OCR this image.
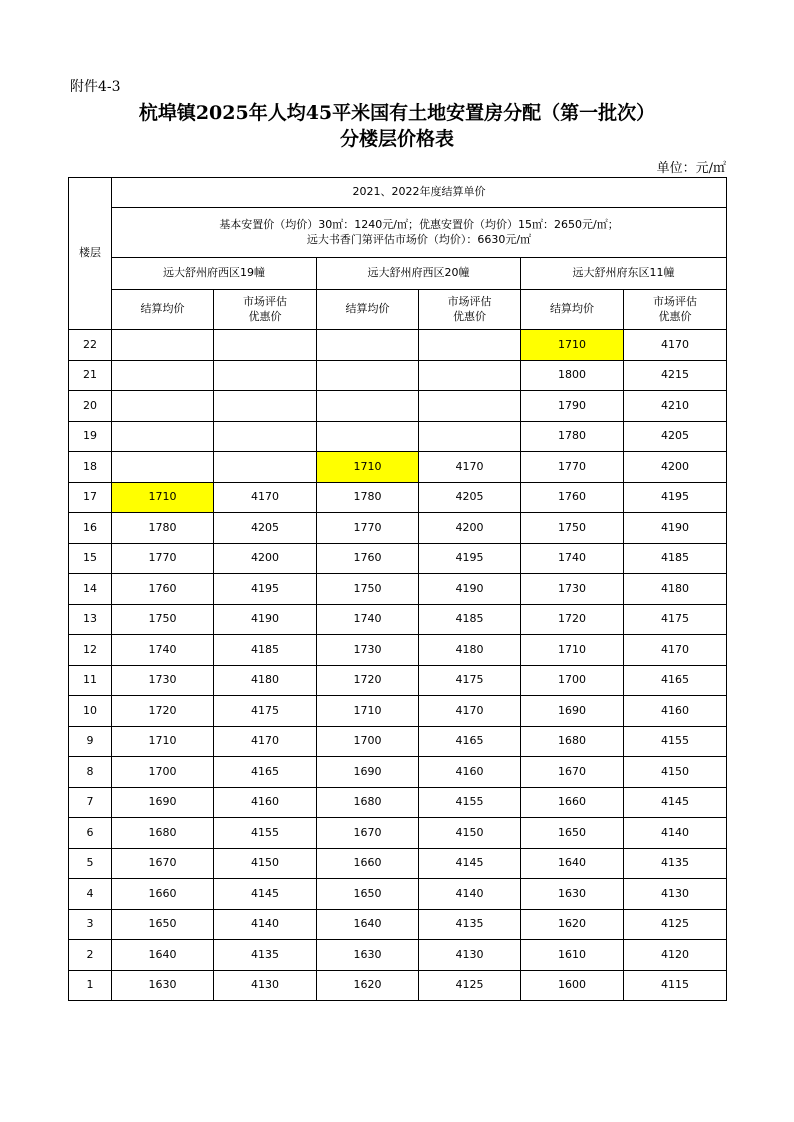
附件4-3
杭埠镇2025年人均45平米国有土地安置房分配（第一批次）
分楼层价格表
单位：元/㎡
楼层	2021、2022年度结算单价					

	基本安置价（均价）30㎡：1240元/㎡；优惠安置价（均价）15㎡：2650元/㎡；
远大书香门第评估市场价（均价）：6630元/㎡					

	远大舒州府西区19幢		远大舒州府西区20幢		远大舒州府东区11幢	
	结算均价	市场评估
优惠价	结算均价	市场评估
优惠价	结算均价	市场评估
优惠价

22					1710	4170
21					1800	4215
20					1790	4210
19					1780	4205
18			1710	4170	1770	4200
17	1710	4170	1780	4205	1760	4195
16	1780	4205	1770	4200	1750	4190
15	1770	4200	1760	4195	1740	4185
14	1760	4195	1750	4190	1730	4180
13	1750	4190	1740	4185	1720	4175
12	1740	4185	1730	4180	1710	4170
11	1730	4180	1720	4175	1700	4165
10	1720	4175	1710	4170	1690	4160
9	1710	4170	1700	4165	1680	4155
8	1700	4165	1690	4160	1670	4150
7	1690	4160	1680	4155	1660	4145
6	1680	4155	1670	4150	1650	4140
5	1670	4150	1660	4145	1640	4135
4	1660	4145	1650	4140	1630	4130
3	1650	4140	1640	4135	1620	4125
2	1640	4135	1630	4130	1610	4120
1	1630	4130	1620	4125	1600	4115
